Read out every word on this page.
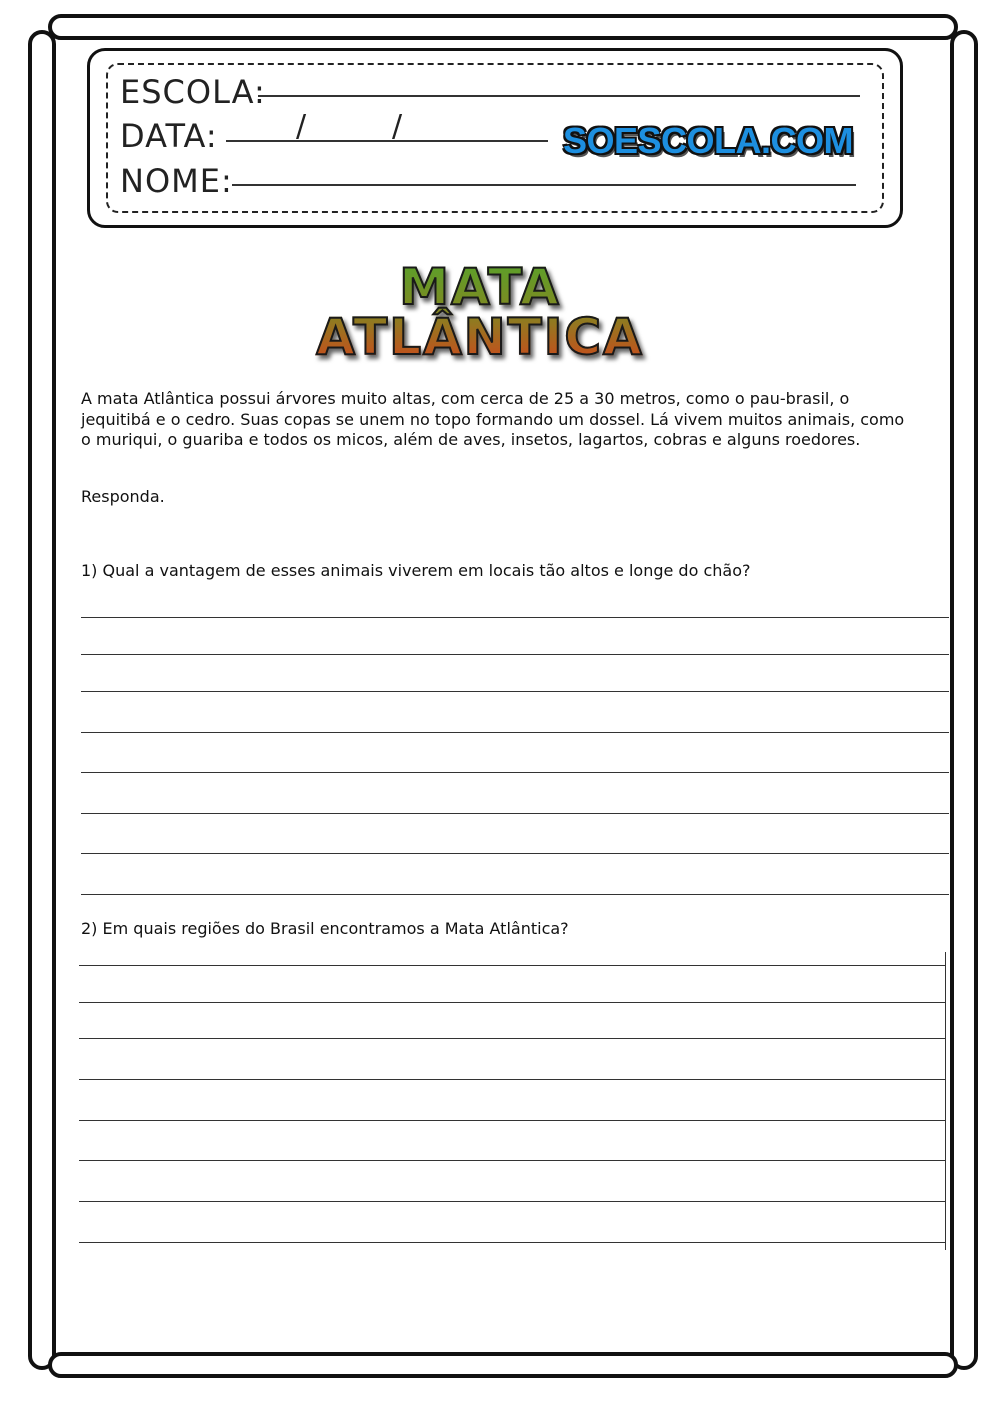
ESCOLA:
DATA:	/	/
NOME:
SOESCOLA.COM
MATA ATLÂNTICA
A mata Atlântica possui árvores muito altas, com cerca de 25 a 30 metros, como o pau-brasil, o jequitibá e o cedro. Suas copas se unem no topo formando um dossel. Lá vivem muitos animais, como o muriqui, o guariba e todos os micos, além de aves, insetos, lagartos, cobras e alguns roedores.
Responda.
1) Qual a vantagem de esses animais viverem em locais tão altos e longe do chão?
2) Em quais regiões do Brasil encontramos a Mata Atlântica?
